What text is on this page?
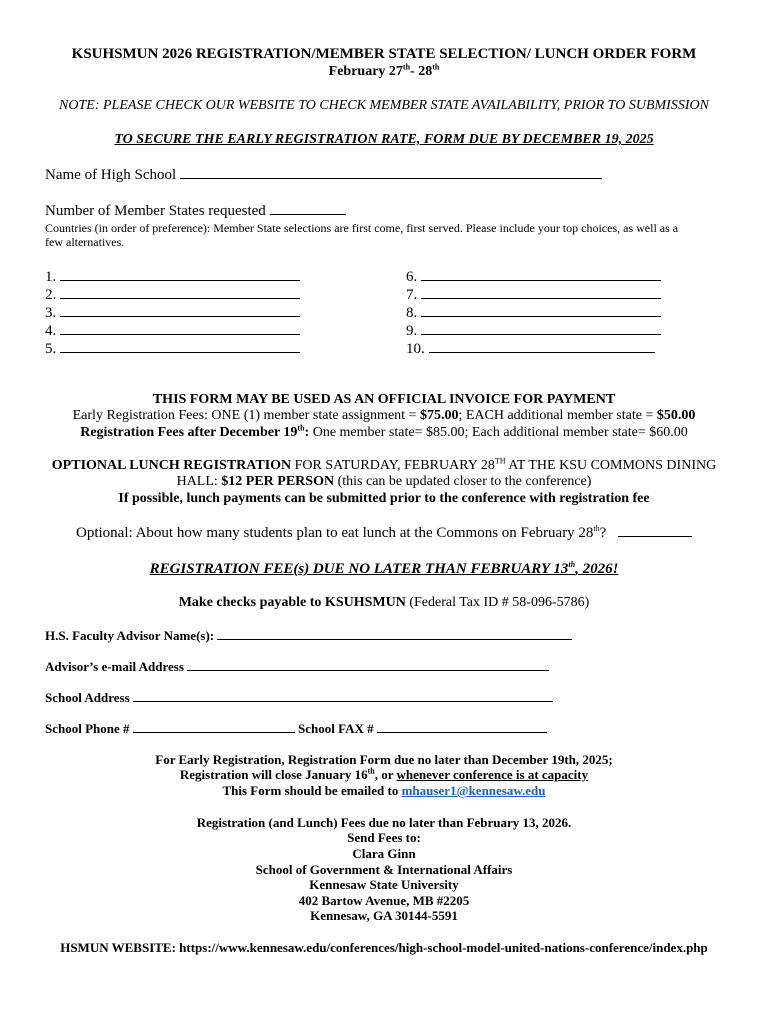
KSUHSMUN 2026 REGISTRATION/MEMBER STATE SELECTION/ LUNCH ORDER FORM
February 27th- 28th
NOTE: PLEASE CHECK OUR WEBSITE TO CHECK MEMBER STATE AVAILABILITY, PRIOR TO SUBMISSION
TO SECURE THE EARLY REGISTRATION RATE, FORM DUE BY DECEMBER 19, 2025
Name of High School
Number of Member States requested
Countries (in order of preference): Member State selections are first come, first served. Please include your top choices, as well as a
few alternatives.
1.
2.
3.
4.
5.
6.
7.
8.
9.
10.
THIS FORM MAY BE USED AS AN OFFICIAL INVOICE FOR PAYMENT
Early Registration Fees: ONE (1) member state assignment = $75.00; EACH additional member state = $50.00
Registration Fees after December 19th: One member state= $85.00; Each additional member state= $60.00
OPTIONAL LUNCH REGISTRATION FOR SATURDAY, FEBRUARY 28TH AT THE KSU COMMONS DINING
HALL: $12 PER PERSON (this can be updated closer to the conference)
If possible, lunch payments can be submitted prior to the conference with registration fee
Optional: About how many students plan to eat lunch at the Commons on February 28th?
REGISTRATION FEE(s) DUE NO LATER THAN FEBRUARY 13th, 2026!
Make checks payable to KSUHSMUN (Federal Tax ID # 58-096-5786)
H.S. Faculty Advisor Name(s):
Advisor’s e-mail Address
School Address
School Phone #	School FAX #
For Early Registration, Registration Form due no later than December 19th, 2025;
Registration will close January 16th, or whenever conference is at capacity
This Form should be emailed to mhauser1@kennesaw.edu
Registration (and Lunch) Fees due no later than February 13, 2026.
Send Fees to:
Clara Ginn
School of Government & International Affairs
Kennesaw State University
402 Bartow Avenue, MB #2205
Kennesaw, GA 30144-5591
HSMUN WEBSITE: https://www.kennesaw.edu/conferences/high-school-model-united-nations-conference/index.php
